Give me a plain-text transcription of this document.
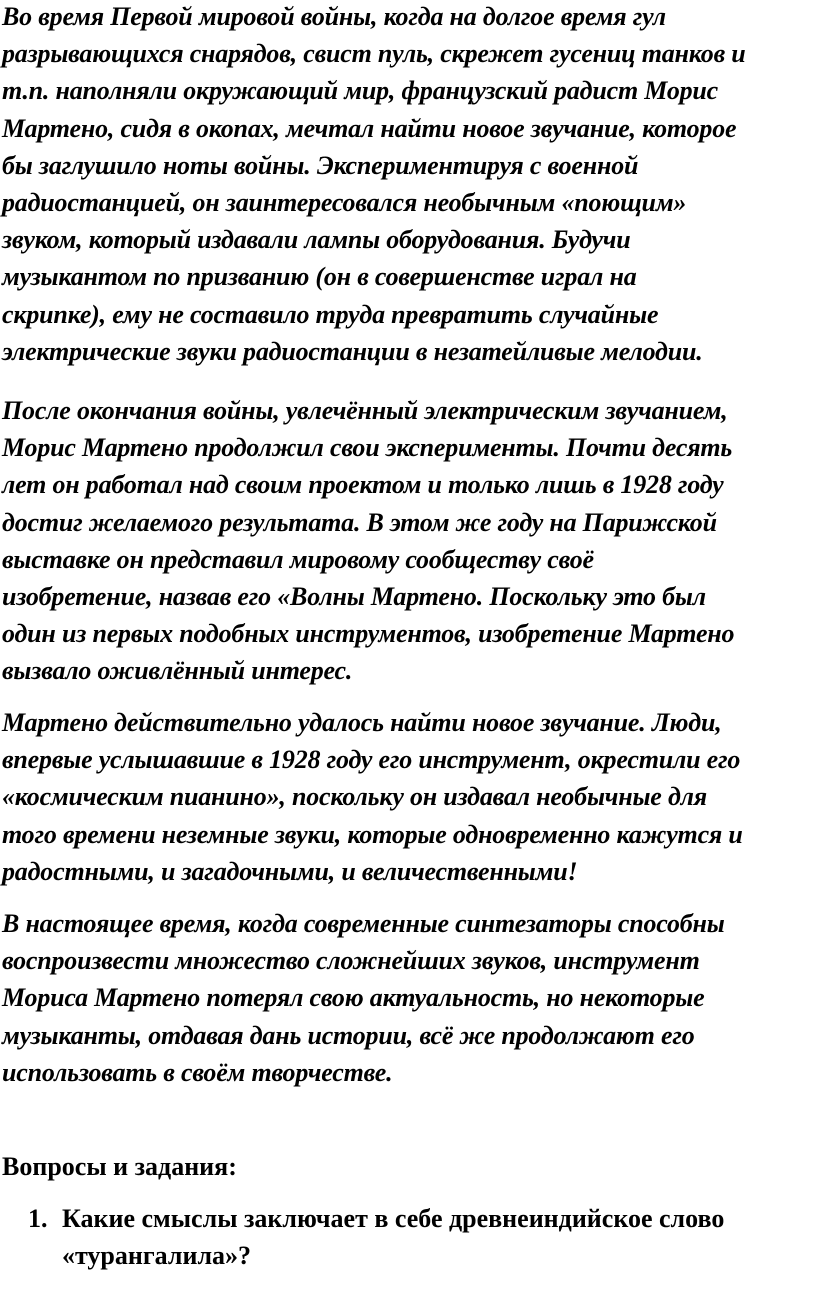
Во время Первой мировой войны, когда на долгое время гул
разрывающихся снарядов, свист пуль, скрежет гусениц танков и
т.п. наполняли окружающий мир, французский радист Морис
Мартено, сидя в окопах, мечтал найти новое звучание, которое
бы заглушило ноты войны. Экспериментируя с военной
радиостанцией, он заинтересовался необычным «поющим»
звуком, который издавали лампы оборудования. Будучи
музыкантом по призванию (он в совершенстве играл на
скрипке), ему не составило труда превратить случайные
электрические звуки радиостанции в незатейливые мелодии.

После окончания войны, увлечённый электрическим звучанием,
Морис Мартено продолжил свои эксперименты. Почти десять
лет он работал над своим проектом и только лишь в 1928 году
достиг желаемого результата. В этом же году на Парижской
выставке он представил мировому сообществу своё
изобретение, назвав его «Волны Мартено. Поскольку это был
один из первых подобных инструментов, изобретение Мартено
вызвало оживлённый интерес.

Мартено действительно удалось найти новое звучание. Люди,
впервые услышавшие в 1928 году его инструмент, окрестили его
«космическим пианино», поскольку он издавал необычные для
того времени неземные звуки, которые одновременно кажутся и
радостными, и загадочными, и величественными!

В настоящее время, когда современные синтезаторы способны
воспроизвести множество сложнейших звуков, инструмент
Мориса Мартено потерял свою актуальность, но некоторые
музыканты, отдавая дань истории, всё же продолжают его
использовать в своём творчестве.

Вопросы и задания:
1. Какие смыслы заключает в себе древнеиндийское слово
«турангалила»?
